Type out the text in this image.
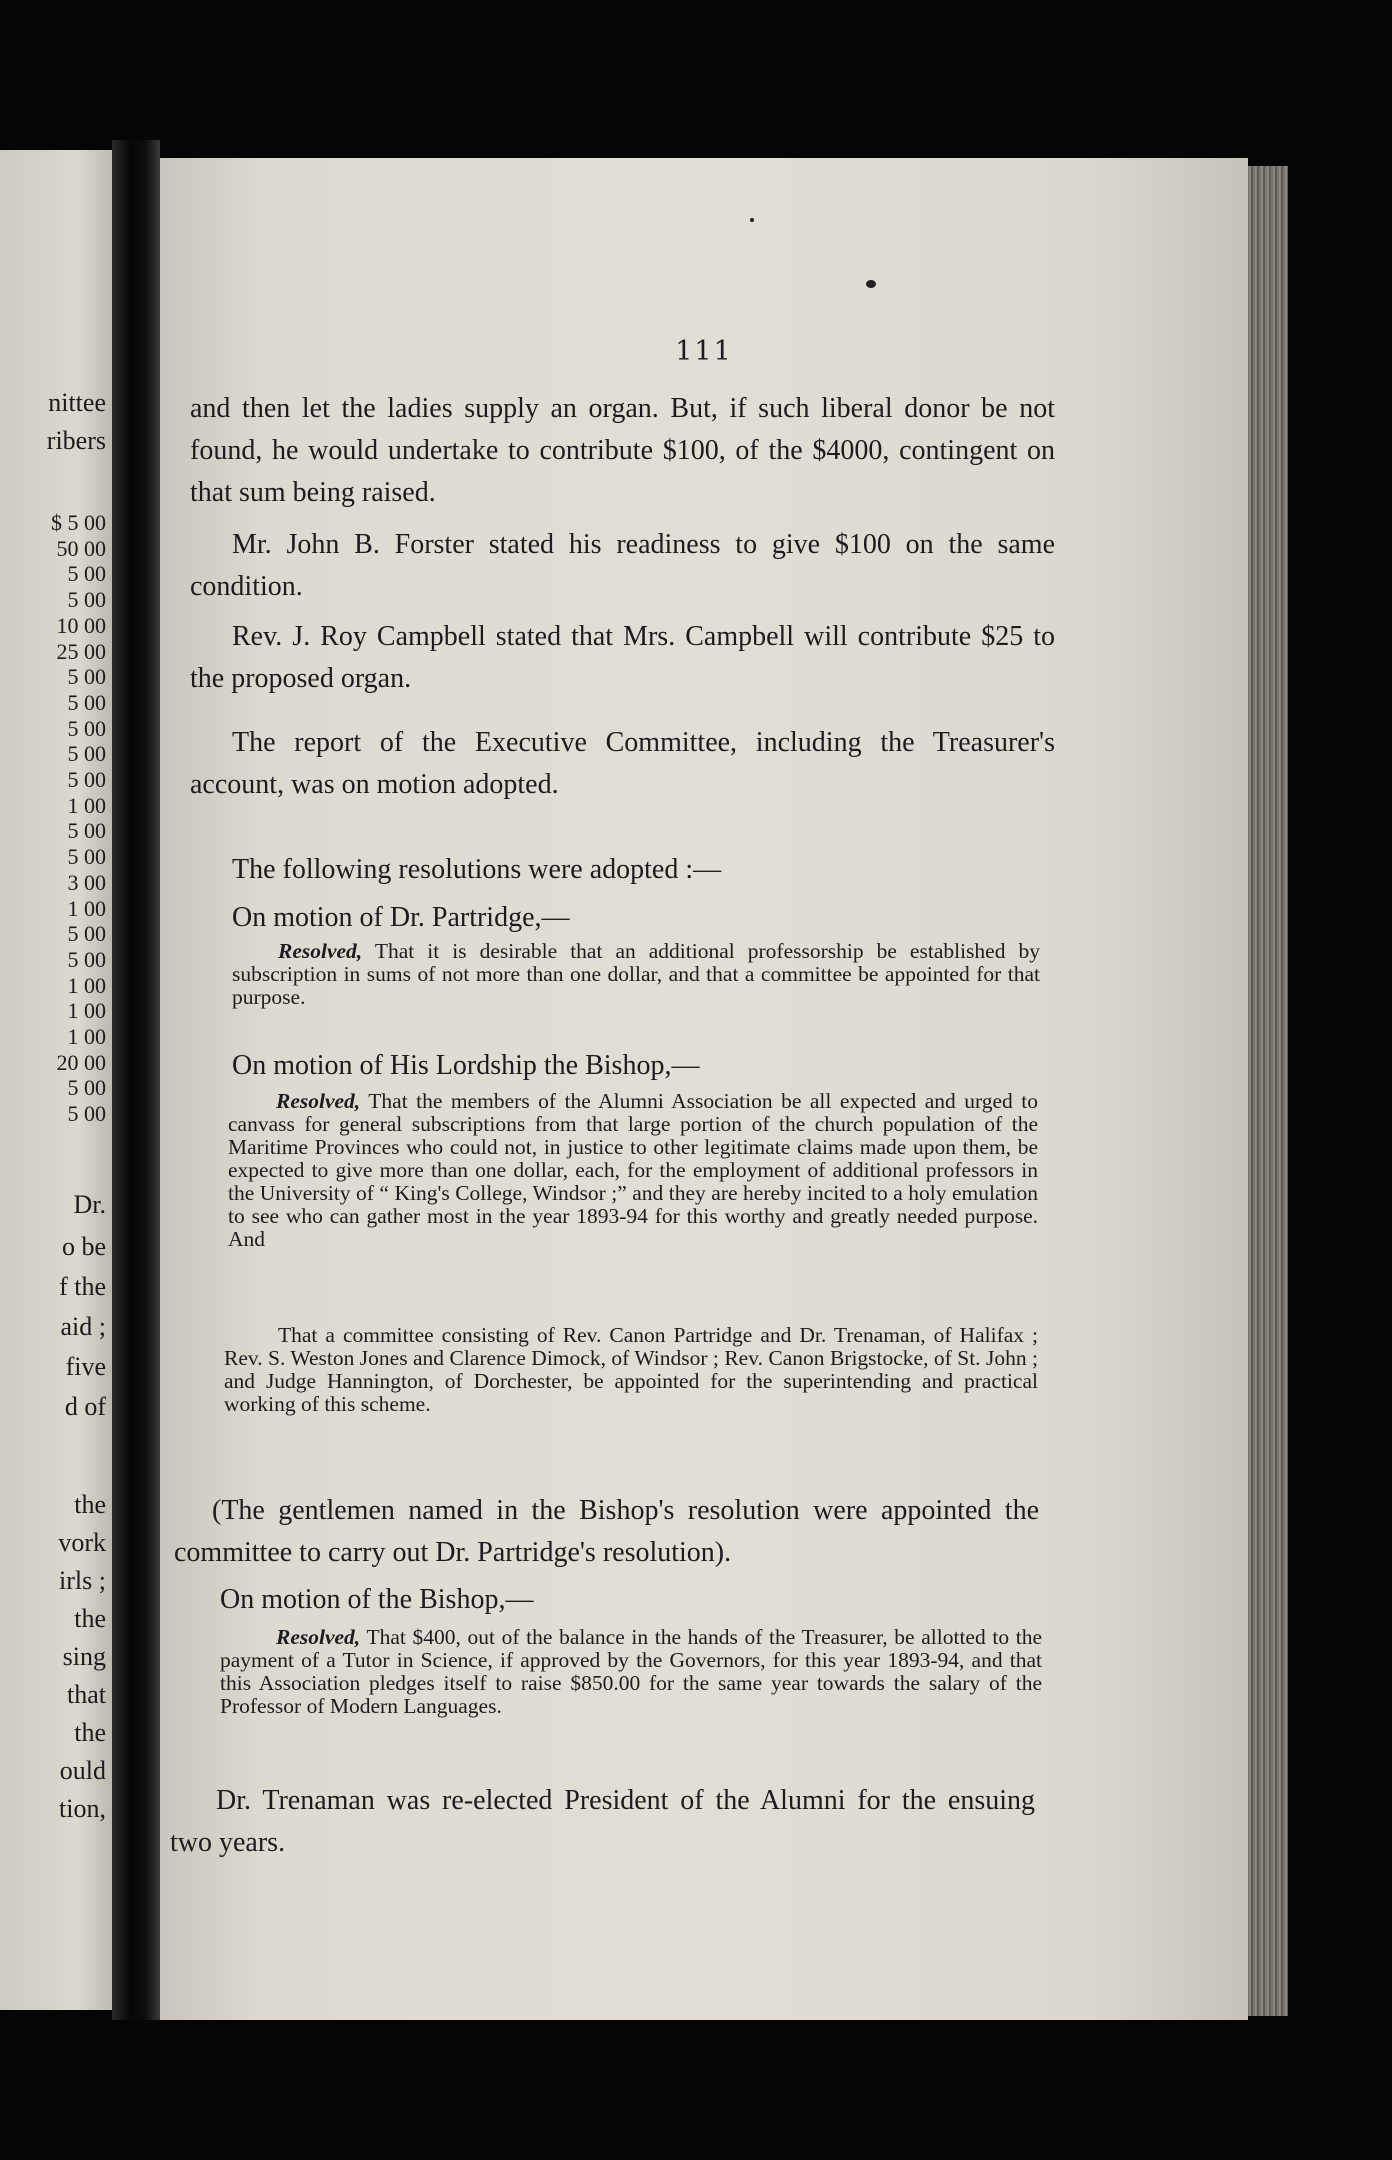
nittee
ribers
$ 5 00
50 00
5 00
5 00
10 00
25 00
5 00
5 00
5 00
5 00
5 00
1 00
5 00
5 00
3 00
1 00
5 00
5 00
1 00
1 00
1 00
20 00
5 00
5 00
Dr.
o be
f the
aid ;
five
d of
the
vork
irls ;
the
sing
that
the
ould
tion,
111
and then let the ladies supply an organ. But, if such liberal donor be not found, he would undertake to contribute $100, of the $4000, contingent on that sum being raised.
Mr. John B. Forster stated his readiness to give $100 on the same condition.
Rev. J. Roy Campbell stated that Mrs. Campbell will contribute $25 to the proposed organ.
The report of the Executive Committee, including the Treasurer's account, was on motion adopted.
The following resolutions were adopted :—
On motion of Dr. Partridge,—
Resolved, That it is desirable that an additional professorship be established by subscription in sums of not more than one dollar, and that a committee be appointed for that purpose.
On motion of His Lordship the Bishop,—
Resolved, That the members of the Alumni Association be all expected and urged to canvass for general subscriptions from that large portion of the church population of the Maritime Provinces who could not, in justice to other legitimate claims made upon them, be expected to give more than one dollar, each, for the employment of additional professors in the University of “ King's College, Windsor ;” and they are hereby incited to a holy emulation to see who can gather most in the year 1893-94 for this worthy and greatly needed purpose. And
That a committee consisting of Rev. Canon Partridge and Dr. Trenaman, of Halifax ; Rev. S. Weston Jones and Clarence Dimock, of Windsor ; Rev. Canon Brigstocke, of St. John ; and Judge Hannington, of Dorchester, be appointed for the superintending and practical working of this scheme.
(The gentlemen named in the Bishop's resolution were appointed the committee to carry out Dr. Partridge's resolution).
On motion of the Bishop,—
Resolved, That $400, out of the balance in the hands of the Treasurer, be allotted to the payment of a Tutor in Science, if approved by the Governors, for this year 1893-94, and that this Association pledges itself to raise $850.00 for the same year towards the salary of the Professor of Modern Languages.
Dr. Trenaman was re-elected President of the Alumni for the ensuing two years.
